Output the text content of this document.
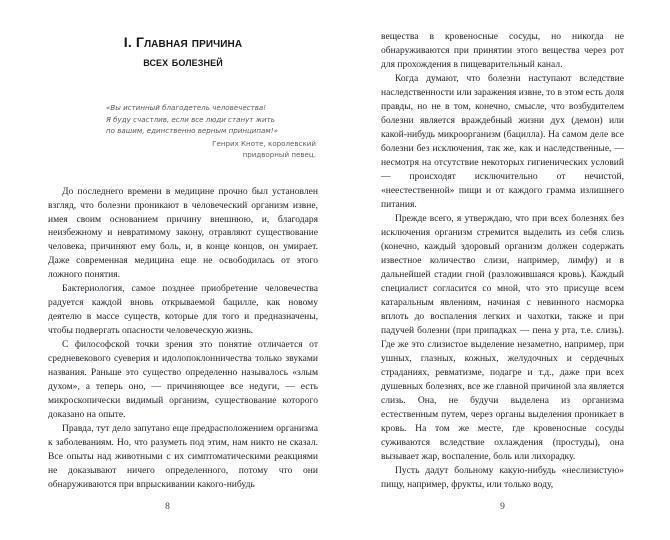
I. Главная причина
всех болезней
«Вы истинный благодетель человечества!
Я буду счастлив, если все люди станут жить
по вашим, единственно верным принципам!»
Генрих Кноте, королевский
придворный певец.

До последнего времени в медицине прочно был установлен взгляд, что болезни проникают в человеческий организм извне, имея своим основанием причину внешнюю, и, благодаря неизбежному и невратимому закону, отравляют существование человека, причиняют ему боль, и, в конце концов, он умирает. Даже современная медицина еще не освободилась от этого ложного понятия.

Бактериология, самое позднее приобретение человечества радуется каждой вновь открываемой бацилле, как новому деятелю в массе существ, которые для того и предназначены, чтобы подвергать опасности человеческую жизнь.

С философской точки зрения это понятие отличается от средневекового суеверия и идолопоклонничества только звуками названия. Раньше это существо определенно называлось «злым духом», а теперь оно, — причиняющее все недуги, — есть микроскопически видимый организм, существование которого доказано на опыте.

Правда, тут дело запутано еще предрасположением организма к заболеваниям. Но, что разуметь под этим, нам никто не сказал. Все опыты над животными с их симптоматическими реакциями не доказывают ничего определенного, потому что они обнаруживаются при впрыскивании какого-нибудь

8

вещества в кровеносные сосуды, но никогда не обнаруживаются при принятии этого вещества через рот для прохождения в пищеварительный канал.

Когда думают, что болезни наступают вследствие наследственности или заражения извне, то в этом есть доля правды, но не в том, конечно, смысле, что возбудителем болезни является враждебный жизни дух (демон) или какой-нибудь микроорганизм (бацилла). На самом деле все болезни без исключения, так же, как и наследственные, — несмотря на отсутствие некоторых гигиенических условий — происходят исключительно от нечистой, «неестественной» пищи и от каждого грамма излишнего питания.

Прежде всего, я утверждаю, что при всех болезнях без исключения организм стремится выделить из себя слизь (конечно, каждый здоровый организм должен содержать известное количество слизи, например, лимфу) и в дальнейшей стадии гной (разложившаяся кровь). Каждый специалист согласится со мной, что это присуще всем катаральным явлениям, начиная с невинного насморка вплоть до воспаления легких и чахотки, также и при падучей болезни (при припадках — пена у рта, т.е. слизь). Где же это слизистое выделение незаметно, например, при ушных, глазных, кожных, желудочных и сердечных страданиях, ревматизме, подагре и т.д., даже при всех душевных болезнях, все же главной причиной зла является слизь. Она, не будучи выделена из организма естественным путем, через органы выделения проникает в кровь. На том же месте, где кровеносные сосуды суживаются вследствие охлаждения (простуды), она вызывает жар, воспаление, боль или лихорадку.

Пусть дадут больному какую-нибудь «неслизистую» пищу, например, фрукты, или только воду,

9
